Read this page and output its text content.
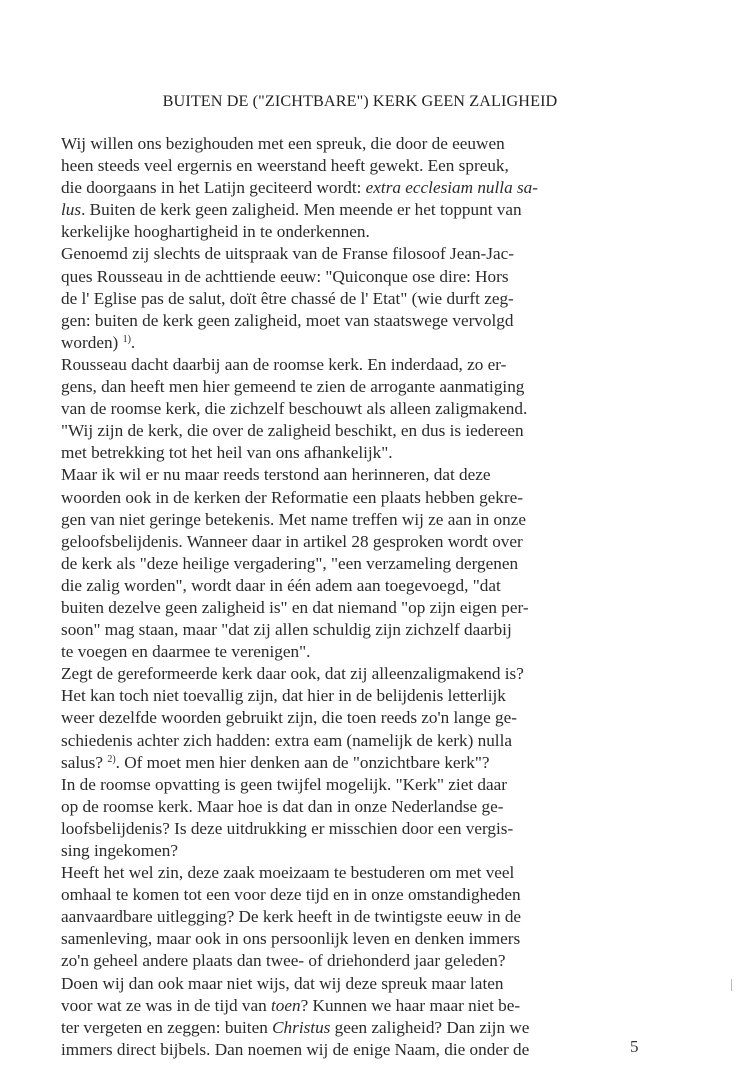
BUITEN DE ("ZICHTBARE") KERK GEEN ZALIGHEID
Wij willen ons bezighouden met een spreuk, die door de eeuwen
heen steeds veel ergernis en weerstand heeft gewekt. Een spreuk,
die doorgaans in het Latijn geciteerd wordt: extra ecclesiam nulla sa-
lus. Buiten de kerk geen zaligheid. Men meende er het toppunt van
kerkelijke hooghartigheid in te onderkennen.
Genoemd zij slechts de uitspraak van de Franse filosoof Jean-Jac-
ques Rousseau in de achttiende eeuw: "Quiconque ose dire: Hors
de l' Eglise pas de salut, doït être chassé de l' Etat" (wie durft zeg-
gen: buiten de kerk geen zaligheid, moet van staatswege vervolgd
worden) $^{1)}$.
Rousseau dacht daarbij aan de roomse kerk. En inderdaad, zo er-
gens, dan heeft men hier gemeend te zien de arrogante aanmatiging
van de roomse kerk, die zichzelf beschouwt als alleen zaligmakend.
"Wij zijn de kerk, die over de zaligheid beschikt, en dus is iedereen
met betrekking tot het heil van ons afhankelijk".
Maar ik wil er nu maar reeds terstond aan herinneren, dat deze
woorden ook in de kerken der Reformatie een plaats hebben gekre-
gen van niet geringe betekenis. Met name treffen wij ze aan in onze
geloofsbelijdenis. Wanneer daar in artikel 28 gesproken wordt over
de kerk als "deze heilige vergadering", "een verzameling dergenen
die zalig worden", wordt daar in één adem aan toegevoegd, "dat
buiten dezelve geen zaligheid is" en dat niemand "op zijn eigen per-
soon" mag staan, maar "dat zij allen schuldig zijn zichzelf daarbij
te voegen en daarmee te verenigen".
Zegt de gereformeerde kerk daar ook, dat zij alleenzaligmakend is?
Het kan toch niet toevallig zijn, dat hier in de belijdenis letterlijk
weer dezelfde woorden gebruikt zijn, die toen reeds zo'n lange ge-
schiedenis achter zich hadden: extra eam (namelijk de kerk) nulla
salus? $^{2)}$. Of moet men hier denken aan de "onzichtbare kerk"?
In de roomse opvatting is geen twijfel mogelijk. "Kerk" ziet daar
op de roomse kerk. Maar hoe is dat dan in onze Nederlandse ge-
loofsbelijdenis? Is deze uitdrukking er misschien door een vergis-
sing ingekomen?
Heeft het wel zin, deze zaak moeizaam te bestuderen om met veel
omhaal te komen tot een voor deze tijd en in onze omstandigheden
aanvaardbare uitlegging? De kerk heeft in de twintigste eeuw in de
samenleving, maar ook in ons persoonlijk leven en denken immers
zo'n geheel andere plaats dan twee- of driehonderd jaar geleden?
Doen wij dan ook maar niet wijs, dat wij deze spreuk maar laten
voor wat ze was in de tijd van toen? Kunnen we haar maar niet be-
ter vergeten en zeggen: buiten Christus geen zaligheid? Dan zijn we
immers direct bijbels. Dan noemen wij de enige Naam, die onder de	5
